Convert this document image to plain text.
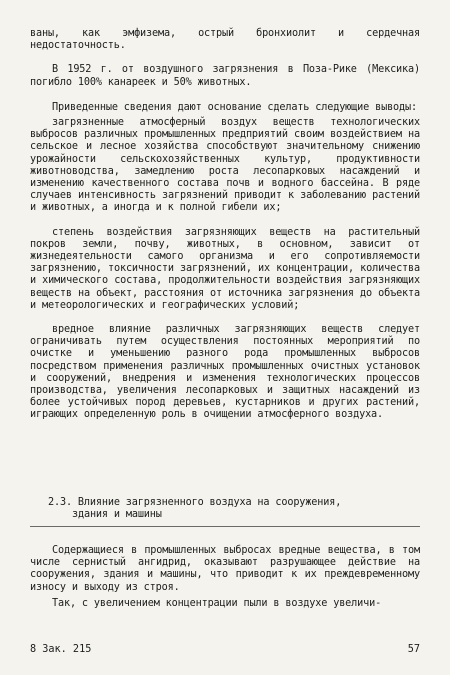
ваны, как эмфизема, острый бронхиолит и сердечная недостаточность.

В 1952 г. от воздушного загрязнения в Поза-Рике (Мексика) погибло 100% канареек и 50% животных.

Приведенные сведения дают основание сделать следующие выводы:

загрязненные атмосферный воздух веществ технологических выбросов различных промышленных предприятий своим воздействием на сельское и лесное хозяйства способствуют значительному снижению урожайности сельскохозяйственных культур, продуктивности животноводства, замедлению роста лесопарковых насаждений и изменению качественного состава почв и водного бассейна. В ряде случаев интенсивность загрязнений приводит к заболеванию растений и животных, а иногда и к полной гибели их;

степень воздействия загрязняющих веществ на растительный покров земли, почву, животных, в основном, зависит от жизнедеятельности самого организма и его сопротивляемости загрязнению, токсичности загрязнений, их концентрации, количества и химического состава, продолжительности воздействия загрязняющих веществ на объект, расстояния от источника загрязнения до объекта и метеорологических и географических условий;

вредное влияние различных загрязняющих веществ следует ограничивать путем осуществления постоянных мероприятий по очистке и уменьшению разного рода промышленных выбросов посредством применения различных промышленных очистных установок и сооружений, внедрения и изменения технологических процессов производства, увеличения лесопарковых и защитных насаждений из более устойчивых пород деревьев, кустарников и других растений, играющих определенную роль в очищении атмосферного воздуха.

2.3. Влияние загрязненного воздуха на сооружения,

здания и машины

Содержащиеся в промышленных выбросах вредные вещества, в том числе сернистый ангидрид, оказывают разрушающее действие на сооружения, здания и машины, что приводит к их преждевременному износу и выходу из строя.

Так, с увеличением концентрации пыли в воздухе увеличи-

8 Зак. 215	57
